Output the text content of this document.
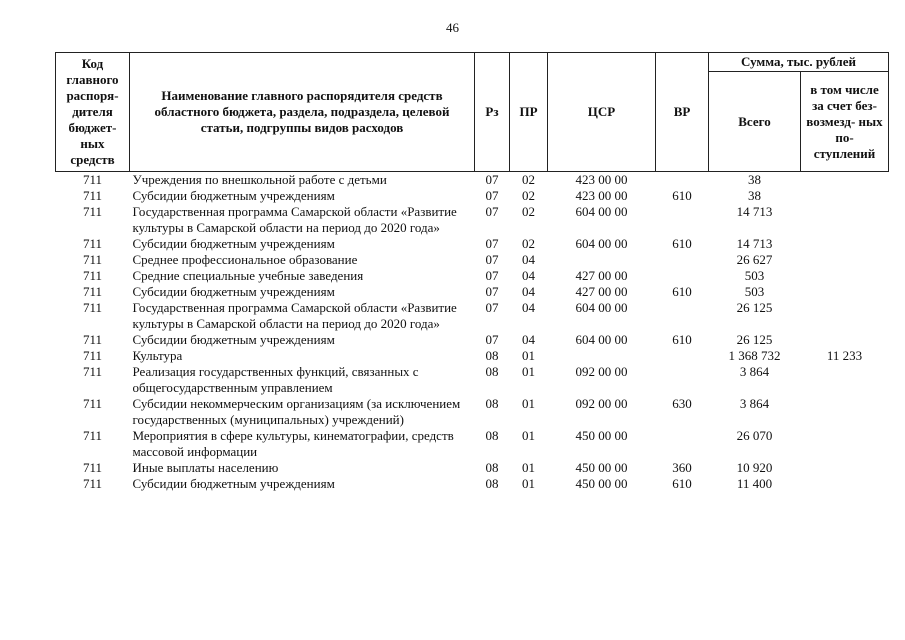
46
Код главного распоря- дителя бюджет- ных средств	Наименование главного распорядителя средств областного бюджета, раздела, подраздела, целевой статьи, подгруппы видов расходов	Рз	ПР	ЦСР	ВР	Сумма, тыс. рублей	
						Всего	в том числе за счет без- возмезд- ных по- ступлений
711	Учреждения по внешкольной работе с детьми	07	02	423 00 00		38	
711	Субсидии бюджетным учреждениям	07	02	423 00 00	610	38	
711	Государственная программа Самарской области «Развитие культуры в Самарской области на период до 2020 года»	07	02	604 00 00		14 713	
711	Субсидии бюджетным учреждениям	07	02	604 00 00	610	14 713	
711	Среднее профессиональное образование	07	04			26 627	
711	Средние специальные учебные заведения	07	04	427 00 00		503	
711	Субсидии бюджетным учреждениям	07	04	427 00 00	610	503	
711	Государственная программа Самарской области «Развитие культуры в Самарской области на период до 2020 года»	07	04	604 00 00		26 125	
711	Субсидии бюджетным учреждениям	07	04	604 00 00	610	26 125	
711	Культура	08	01			1 368 732	11 233
711	Реализация государственных функций, связанных с общегосударственным управлением	08	01	092 00 00		3 864	
711	Субсидии некоммерческим организациям (за исключением государственных (муниципальных) учреждений)	08	01	092 00 00	630	3 864	
711	Мероприятия в сфере культуры, кинематографии, средств массовой информации	08	01	450 00 00		26 070	
711	Иные выплаты населению	08	01	450 00 00	360	10 920	
711	Субсидии бюджетным учреждениям	08	01	450 00 00	610	11 400	
